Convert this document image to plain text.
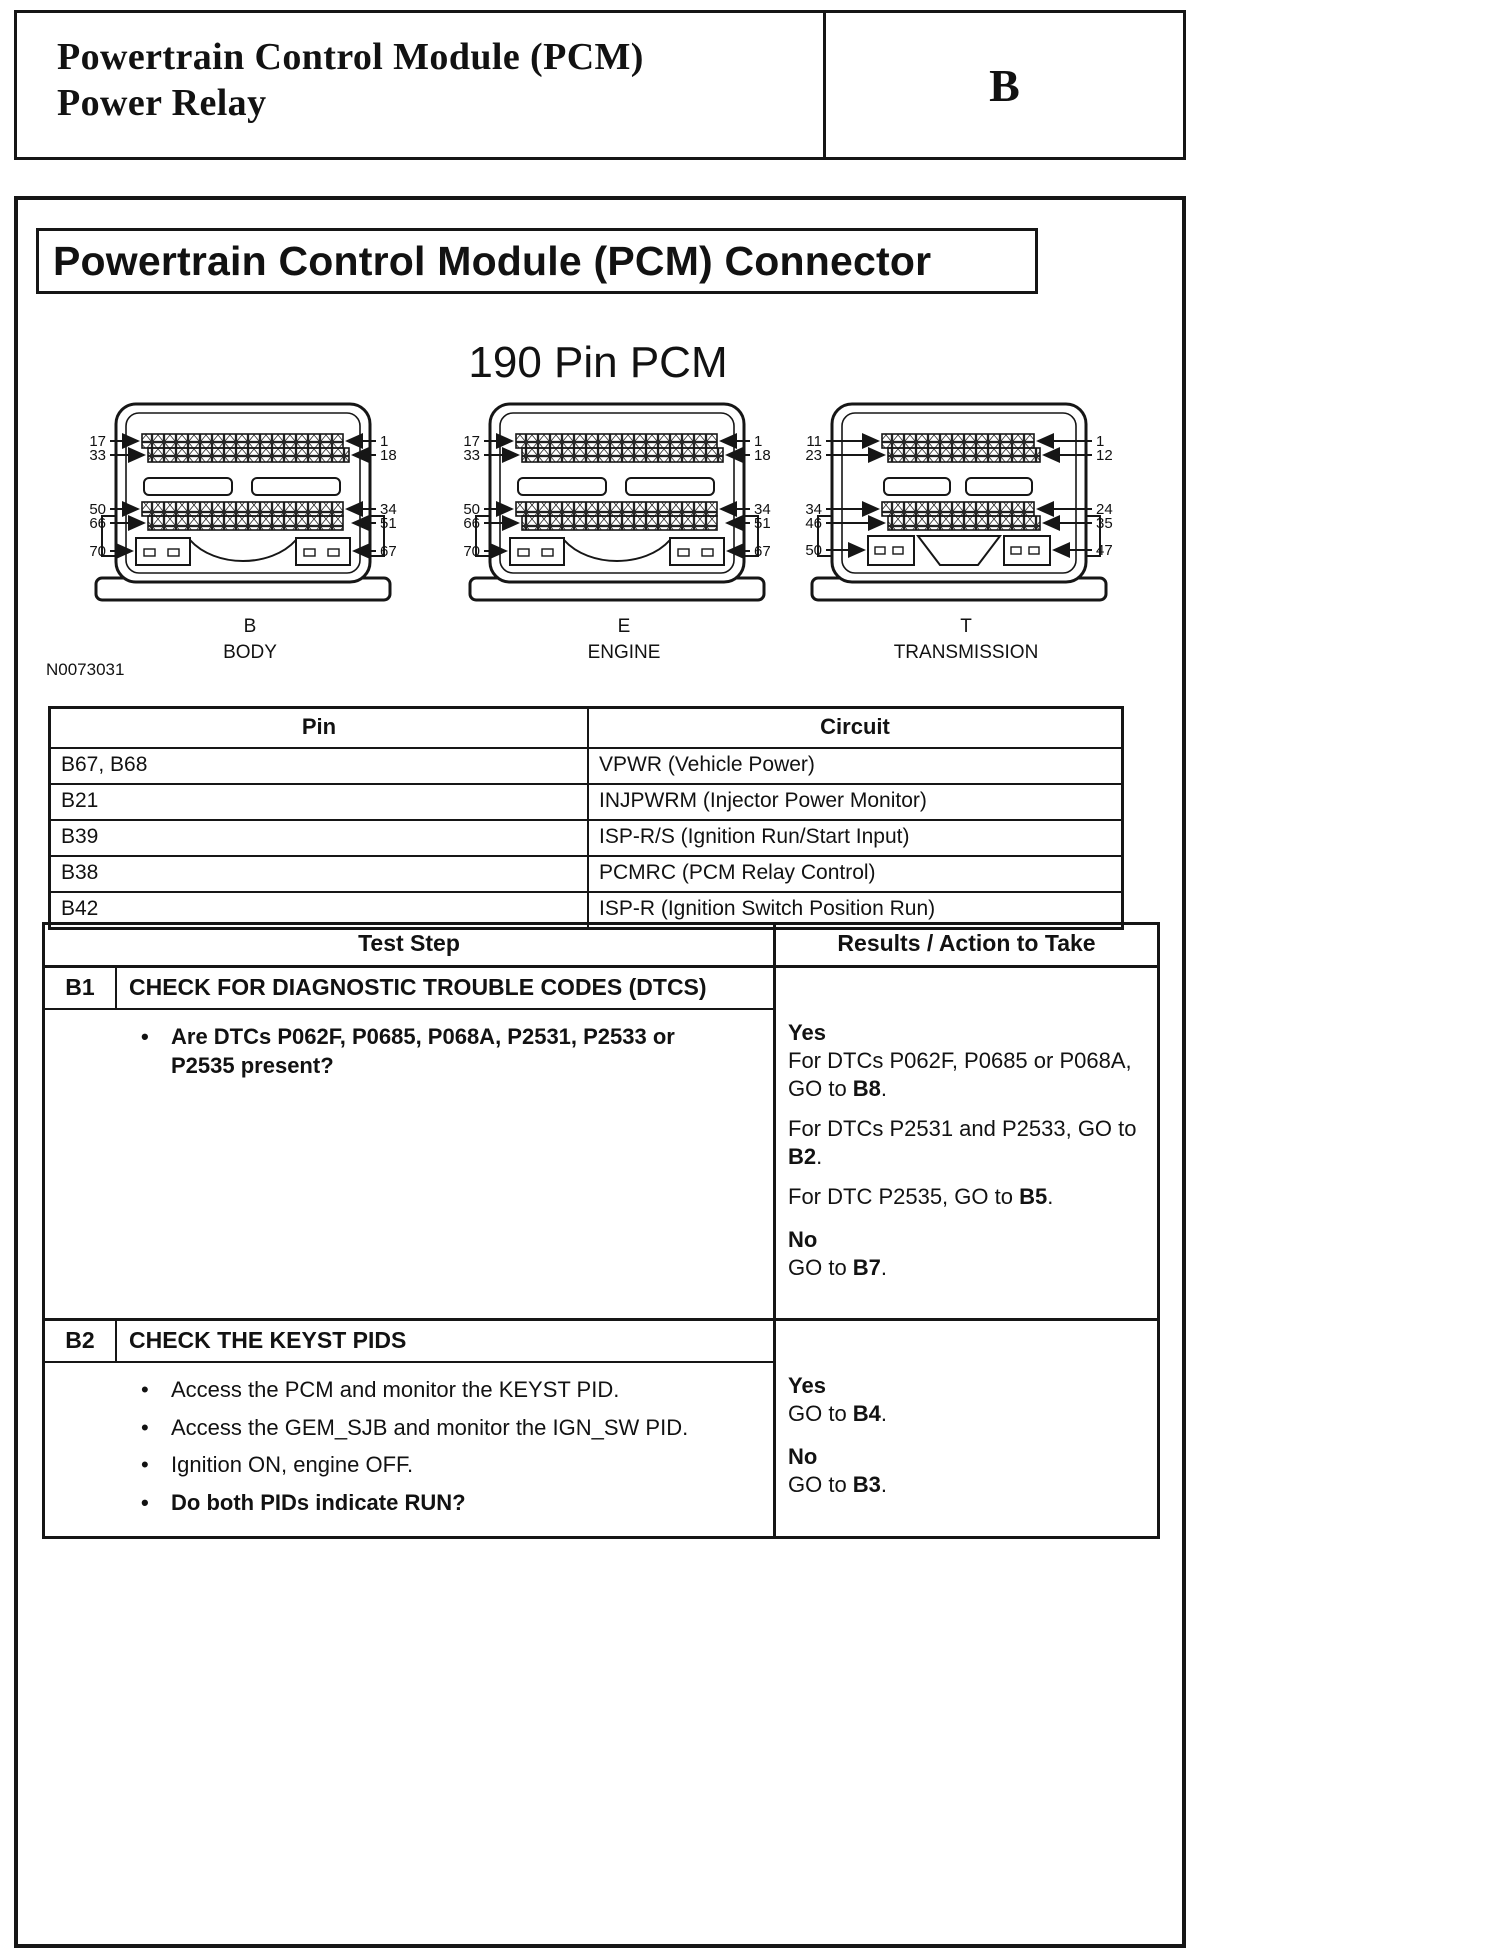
Powertrain Control Module (PCM)
Power Relay	B
Powertrain Control Module (PCM) Connector
190 Pin PCM
17
33
50
66
70
1
18
34
51
67
B
BODY
17
33
50
66
70
1
18
34
51
67
E
ENGINE
11
23
34
46
50
1
12
24
35
47
T
TRANSMISSION
N0073031
Pin	Circuit
B67, B68	VPWR (Vehicle Power)
B21	INJPWRM (Injector Power Monitor)
B39	ISP-R/S (Ignition Run/Start Input)
B38	PCMRC (PCM Relay Control)
B42	ISP-R (Ignition Switch Position Run)
Test Step	Results / Action to Take
B1	CHECK FOR DIAGNOSTIC TROUBLE CODES (DTCS)
• Are DTCs P062F, P0685, P068A, P2531, P2533 or P2535 present?
Yes

For DTCs P062F, P0685 or P068A, GO to B8.

For DTCs P2531 and P2533, GO to B2.

For DTC P2535, GO to B5.

No

GO to B7.

B2	CHECK THE KEYST PIDS
• Access the PCM and monitor the KEYST PID.
• Access the GEM_SJB and monitor the IGN_SW PID.
• Ignition ON, engine OFF.
• Do both PIDs indicate RUN?
Yes

GO to B4.

No

GO to B3.
